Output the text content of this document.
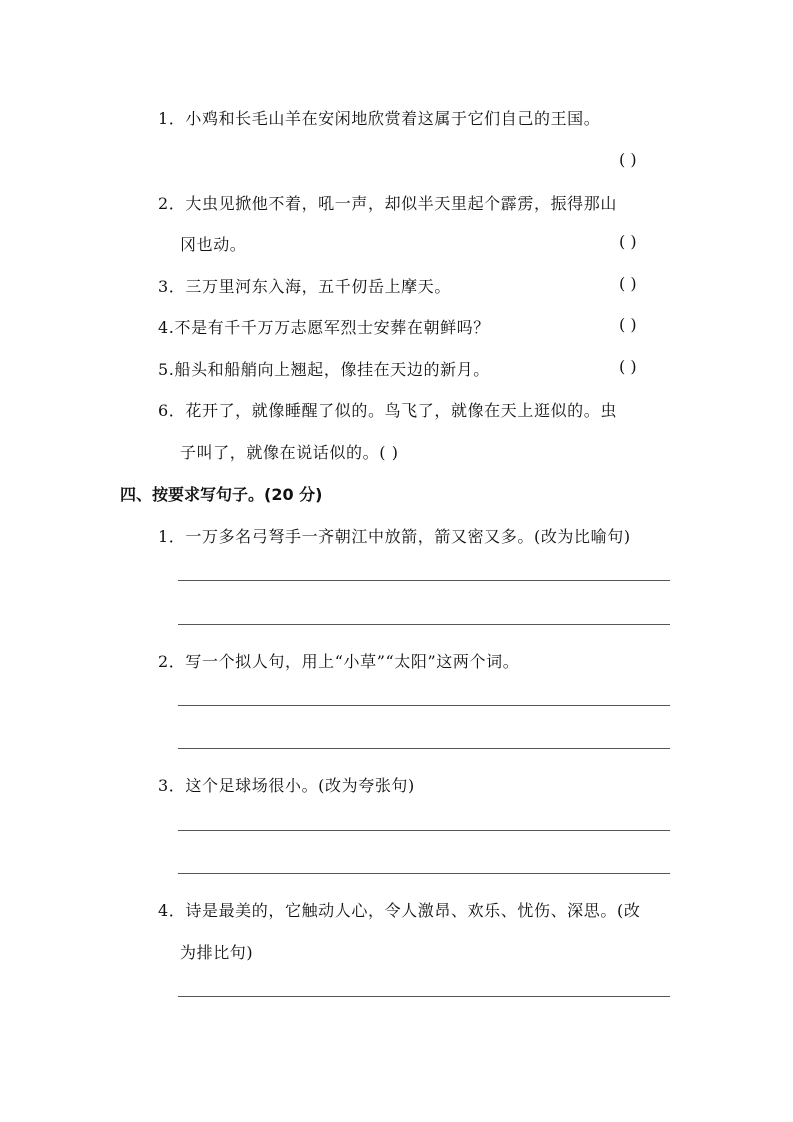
1．小鸡和长毛山羊在安闲地欣赏着这属于它们自己的王国。
( )
2．大虫见掀他不着，吼一声，却似半天里起个霹雳，振得那山
冈也动。	( )
3．三万里河东入海，五千仞岳上摩天。	( )
4.不是有千千万万志愿军烈士安葬在朝鲜吗？	( )
5.船头和船艄向上翘起，像挂在天边的新月。	( )
6．花开了，就像睡醒了似的。鸟飞了，就像在天上逛似的。虫
子叫了，就像在说话似的。( )
四、按要求写句子。(20 分)
1．一万多名弓弩手一齐朝江中放箭，箭又密又多。(改为比喻句)
2．写一个拟人句，用上“小草”“太阳”这两个词。
3．这个足球场很小。(改为夸张句)
4．诗是最美的，它触动人心，令人激昂、欢乐、忧伤、深思。(改
为排比句)
